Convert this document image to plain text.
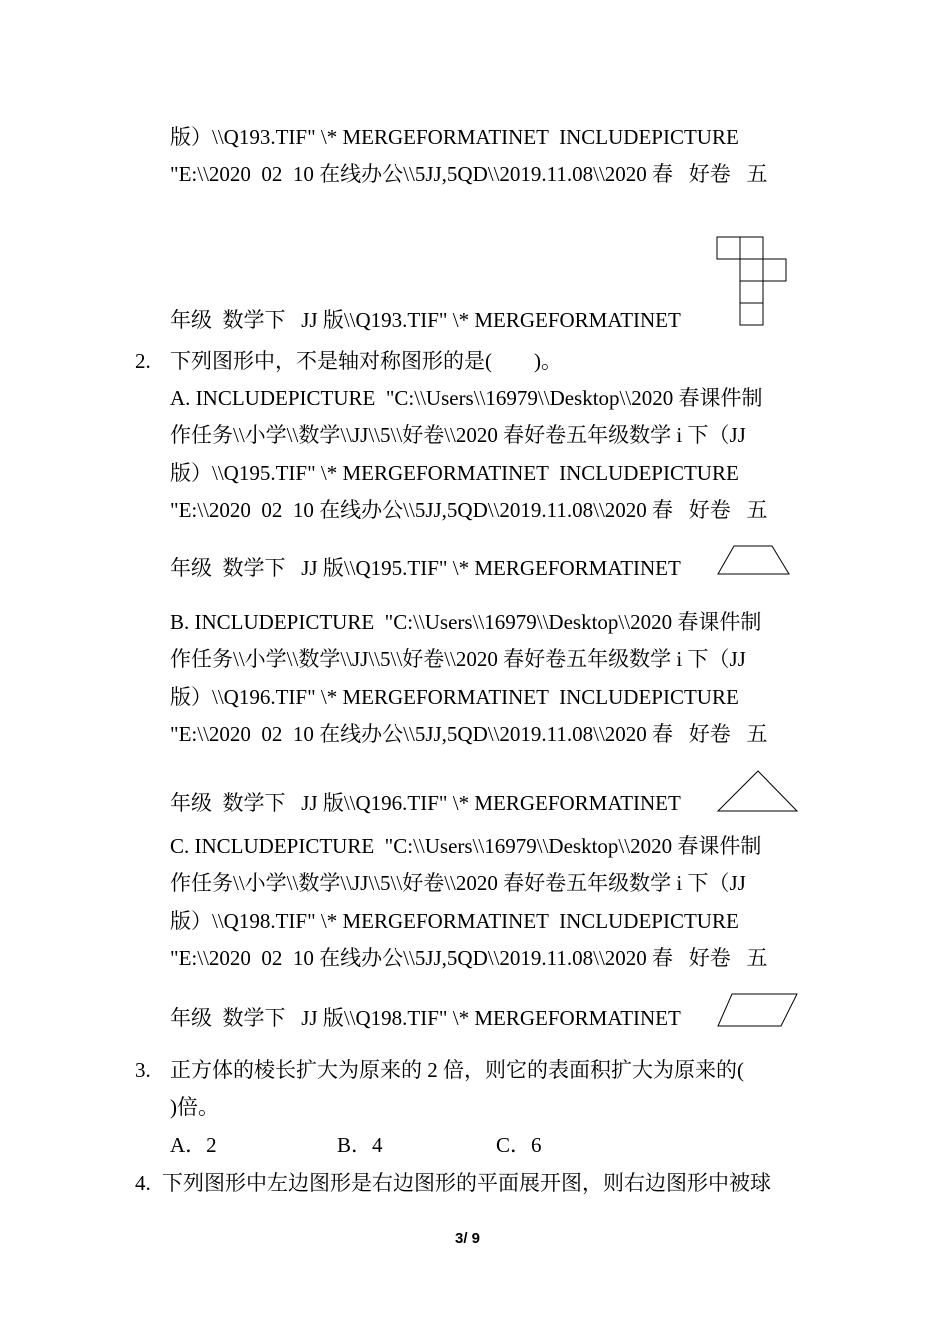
版）\\Q193.TIF" \* MERGEFORMATINET  INCLUDEPICTURE
"E:\\2020  02  10 在线办公\\5JJ,5QD\\2019.11.08\\2020 春   好卷   五
年级  数学下   JJ 版\\Q193.TIF" \* MERGEFORMATINET
2. 下列图形中，不是轴对称图形的是(        )。
A. INCLUDEPICTURE  "C:\\Users\\16979\\Desktop\\2020 春课件制
作任务\\小学\\数学\\JJ\\5\\好卷\\2020 春好卷五年级数学 i 下（JJ
版）\\Q195.TIF" \* MERGEFORMATINET  INCLUDEPICTURE
"E:\\2020  02  10 在线办公\\5JJ,5QD\\2019.11.08\\2020 春   好卷   五
年级  数学下   JJ 版\\Q195.TIF" \* MERGEFORMATINET
B. INCLUDEPICTURE  "C:\\Users\\16979\\Desktop\\2020 春课件制
作任务\\小学\\数学\\JJ\\5\\好卷\\2020 春好卷五年级数学 i 下（JJ
版）\\Q196.TIF" \* MERGEFORMATINET  INCLUDEPICTURE
"E:\\2020  02  10 在线办公\\5JJ,5QD\\2019.11.08\\2020 春   好卷   五
年级  数学下   JJ 版\\Q196.TIF" \* MERGEFORMATINET
C. INCLUDEPICTURE  "C:\\Users\\16979\\Desktop\\2020 春课件制
作任务\\小学\\数学\\JJ\\5\\好卷\\2020 春好卷五年级数学 i 下（JJ
版）\\Q198.TIF" \* MERGEFORMATINET  INCLUDEPICTURE
"E:\\2020  02  10 在线办公\\5JJ,5QD\\2019.11.08\\2020 春   好卷   五
年级  数学下   JJ 版\\Q198.TIF" \* MERGEFORMATINET
3. 正方体的棱长扩大为原来的 2 倍，则它的表面积扩大为原来的(
)倍。
A．2	B．4	C．6
4. 下列图形中左边图形是右边图形的平面展开图，则右边图形中被球
3/ 9
